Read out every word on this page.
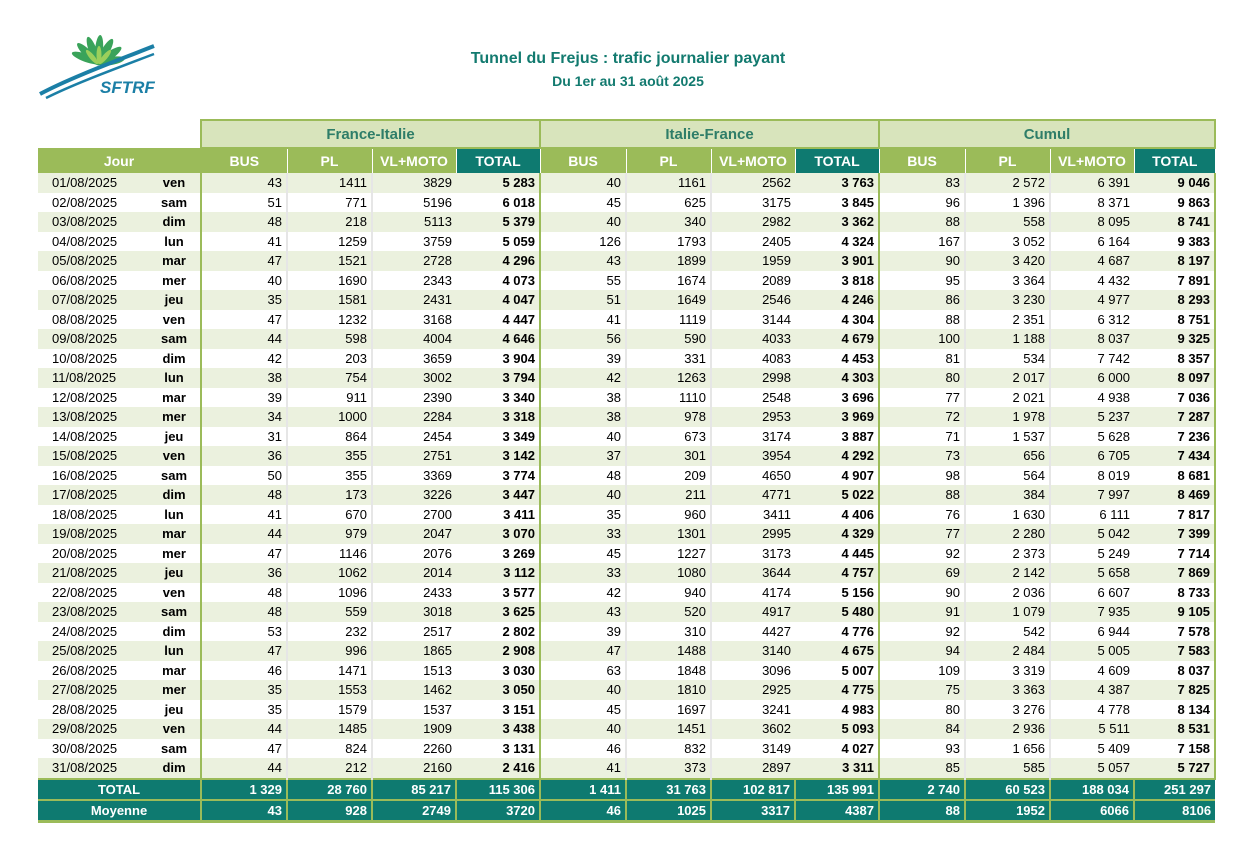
SFTRF
Tunnel du Frejus : trafic journalier payant
Du 1er au 31 août 2025
		France-Italie				Italie-France				Cumul			
Jour		BUS	PL	VL+MOTO	TOTAL	BUS	PL	VL+MOTO	TOTAL	BUS	PL	VL+MOTO	TOTAL
01/08/2025	ven	43	1411	3829	5 283	40	1161	2562	3 763	83	2 572	6 391	9 046
02/08/2025	sam	51	771	5196	6 018	45	625	3175	3 845	96	1 396	8 371	9 863
03/08/2025	dim	48	218	5113	5 379	40	340	2982	3 362	88	558	8 095	8 741
04/08/2025	lun	41	1259	3759	5 059	126	1793	2405	4 324	167	3 052	6 164	9 383
05/08/2025	mar	47	1521	2728	4 296	43	1899	1959	3 901	90	3 420	4 687	8 197
06/08/2025	mer	40	1690	2343	4 073	55	1674	2089	3 818	95	3 364	4 432	7 891
07/08/2025	jeu	35	1581	2431	4 047	51	1649	2546	4 246	86	3 230	4 977	8 293
08/08/2025	ven	47	1232	3168	4 447	41	1119	3144	4 304	88	2 351	6 312	8 751
09/08/2025	sam	44	598	4004	4 646	56	590	4033	4 679	100	1 188	8 037	9 325
10/08/2025	dim	42	203	3659	3 904	39	331	4083	4 453	81	534	7 742	8 357
11/08/2025	lun	38	754	3002	3 794	42	1263	2998	4 303	80	2 017	6 000	8 097
12/08/2025	mar	39	911	2390	3 340	38	1110	2548	3 696	77	2 021	4 938	7 036
13/08/2025	mer	34	1000	2284	3 318	38	978	2953	3 969	72	1 978	5 237	7 287
14/08/2025	jeu	31	864	2454	3 349	40	673	3174	3 887	71	1 537	5 628	7 236
15/08/2025	ven	36	355	2751	3 142	37	301	3954	4 292	73	656	6 705	7 434
16/08/2025	sam	50	355	3369	3 774	48	209	4650	4 907	98	564	8 019	8 681
17/08/2025	dim	48	173	3226	3 447	40	211	4771	5 022	88	384	7 997	8 469
18/08/2025	lun	41	670	2700	3 411	35	960	3411	4 406	76	1 630	6 111	7 817
19/08/2025	mar	44	979	2047	3 070	33	1301	2995	4 329	77	2 280	5 042	7 399
20/08/2025	mer	47	1146	2076	3 269	45	1227	3173	4 445	92	2 373	5 249	7 714
21/08/2025	jeu	36	1062	2014	3 112	33	1080	3644	4 757	69	2 142	5 658	7 869
22/08/2025	ven	48	1096	2433	3 577	42	940	4174	5 156	90	2 036	6 607	8 733
23/08/2025	sam	48	559	3018	3 625	43	520	4917	5 480	91	1 079	7 935	9 105
24/08/2025	dim	53	232	2517	2 802	39	310	4427	4 776	92	542	6 944	7 578
25/08/2025	lun	47	996	1865	2 908	47	1488	3140	4 675	94	2 484	5 005	7 583
26/08/2025	mar	46	1471	1513	3 030	63	1848	3096	5 007	109	3 319	4 609	8 037
27/08/2025	mer	35	1553	1462	3 050	40	1810	2925	4 775	75	3 363	4 387	7 825
28/08/2025	jeu	35	1579	1537	3 151	45	1697	3241	4 983	80	3 276	4 778	8 134
29/08/2025	ven	44	1485	1909	3 438	40	1451	3602	5 093	84	2 936	5 511	8 531
30/08/2025	sam	47	824	2260	3 131	46	832	3149	4 027	93	1 656	5 409	7 158
31/08/2025	dim	44	212	2160	2 416	41	373	2897	3 311	85	585	5 057	5 727
TOTAL		1 329	28 760	85 217	115 306	1 411	31 763	102 817	135 991	2 740	60 523	188 034	251 297
Moyenne		43	928	2749	3720	46	1025	3317	4387	88	1952	6066	8106
